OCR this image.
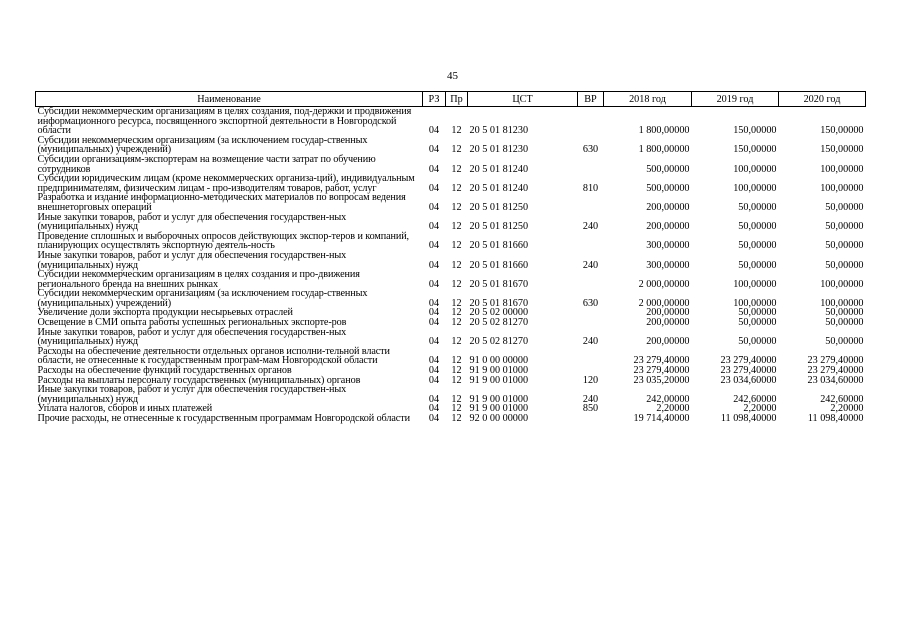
45
Наименование	РЗ	Пр	ЦСТ	ВР	2018 год	2019 год	2020 год
Субсидии некоммерческим организациям в целях создания, под-держки и продвижения информационного ресурса, посвященного экспортной деятельности в Новгородской области	04	12	20 5 01 81230		1 800,00000	150,00000	150,00000
Субсидии некоммерческим организациям (за исключением государ-ственных (муниципальных) учреждений)	04	12	20 5 01 81230	630	1 800,00000	150,00000	150,00000
Субсидии организациям-экспортерам на возмещение части затрат по обучению сотрудников	04	12	20 5 01 81240		500,00000	100,00000	100,00000
Субсидии юридическим лицам (кроме некоммерческих организа-ций), индивидуальным предпринимателям, физическим лицам - про-изводителям товаров, работ, услуг	04	12	20 5 01 81240	810	500,00000	100,00000	100,00000
Разработка и издание информационно-методических материалов по вопросам ведения внешнеторговых операций	04	12	20 5 01 81250		200,00000	50,00000	50,00000
Иные закупки товаров, работ и услуг для обеспечения государствен-ных (муниципальных) нужд	04	12	20 5 01 81250	240	200,00000	50,00000	50,00000
Проведение сплошных и выборочных опросов действующих экспор-теров и компаний, планирующих осуществлять экспортную деятель-ность	04	12	20 5 01 81660		300,00000	50,00000	50,00000
Иные закупки товаров, работ и услуг для обеспечения государствен-ных (муниципальных) нужд	04	12	20 5 01 81660	240	300,00000	50,00000	50,00000
Субсидии некоммерческим организациям в целях создания и про-движения регионального бренда на внешних рынках	04	12	20 5 01 81670		2 000,00000	100,00000	100,00000
Субсидии некоммерческим организациям (за исключением государ-ственных (муниципальных) учреждений)	04	12	20 5 01 81670	630	2 000,00000	100,00000	100,00000
Увеличение доли экспорта продукции несырьевых отраслей	04	12	20 5 02 00000		200,00000	50,00000	50,00000
Освещение в СМИ опыта работы успешных региональных экспорте-ров	04	12	20 5 02 81270		200,00000	50,00000	50,00000
Иные закупки товаров, работ и услуг для обеспечения государствен-ных (муниципальных) нужд	04	12	20 5 02 81270	240	200,00000	50,00000	50,00000
Расходы на обеспечение деятельности отдельных органов исполни-тельной власти области, не отнесенные к государственным програм-мам Новгородской области	04	12	91 0 00 00000		23 279,40000	23 279,40000	23 279,40000
Расходы на обеспечение функций государственных органов	04	12	91 9 00 01000		23 279,40000	23 279,40000	23 279,40000
Расходы на выплаты персоналу государственных (муниципальных) органов	04	12	91 9 00 01000	120	23 035,20000	23 034,60000	23 034,60000
Иные закупки товаров, работ и услуг для обеспечения государствен-ных (муниципальных) нужд	04	12	91 9 00 01000	240	242,00000	242,60000	242,60000
Уплата налогов, сборов и иных платежей	04	12	91 9 00 01000	850	2,20000	2,20000	2,20000
Прочие расходы, не отнесенные к государственным программам Новгородской области	04	12	92 0 00 00000		19 714,40000	11 098,40000	11 098,40000
